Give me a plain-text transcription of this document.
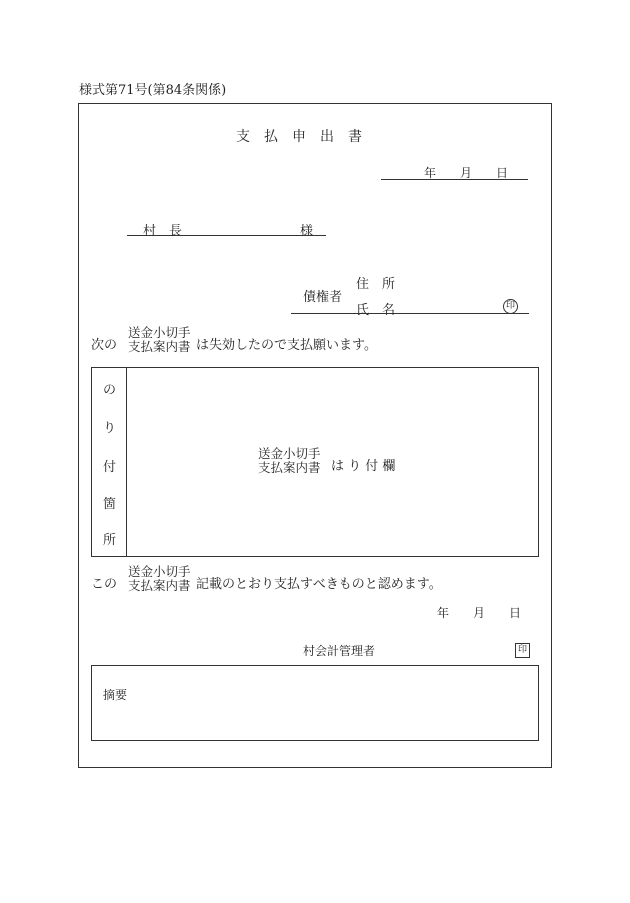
様式第71号(第84条関係)
支　払　申　出　書
年　　月　　日
村　長	様
住　所
債権者
氏　名	印
次の
送金小切手
支払案内書 は失効したので支払願います。
の
り
付
箇
所
送金小切手
支払案内書 は り 付 欄
この
送金小切手
支払案内書 記載のとおり支払すべきものと認めます。
年　　月　　日
村会計管理者	印
摘要
